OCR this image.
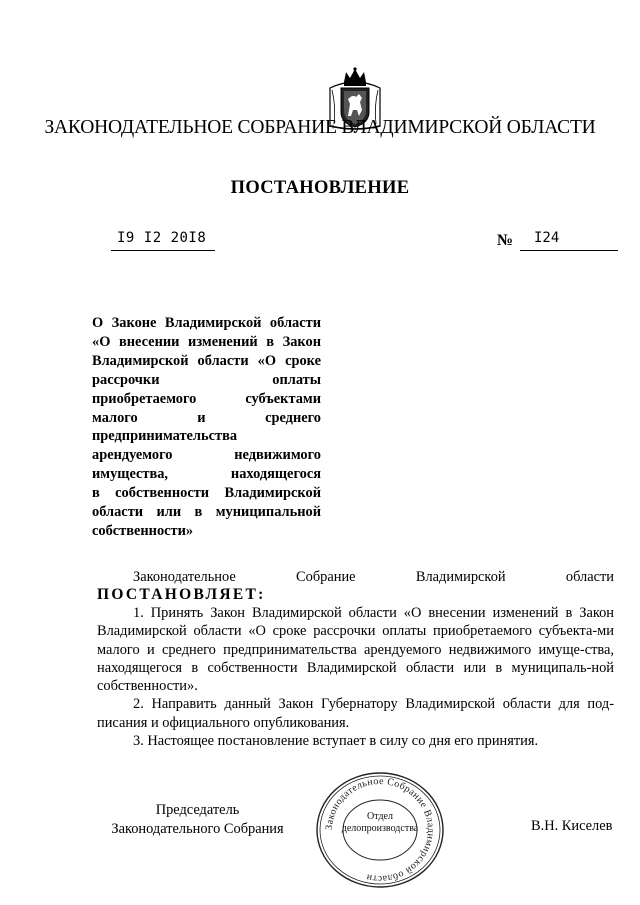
ЗАКОНОДАТЕЛЬНОЕ СОБРАНИЕ ВЛАДИМИРСКОЙ ОБЛАСТИ
ПОСТАНОВЛЕНИЕ
I9 I2 20I8	№ I24
О Законе Владимирской области
«О внесении изменений в Закон
Владимирской области «О сроке
рассрочки оплаты
приобретаемого субъектами
малого и среднего
предпринимательства
арендуемого недвижимого
имущества, находящегося
в собственности Владимирской
области или в муниципальной
собственности»
Законодательное Собрание Владимирской области
ПОСТАНОВЛЯЕТ:

1. Принять Закон Владимирской области «О внесении изменений в Закон Владимирской области «О сроке рассрочки оплаты приобретаемого субъекта-ми малого и среднего предпринимательства арендуемого недвижимого имуще-ства, находящегося в собственности Владимирской области или в муниципаль-ной собственности».

2. Направить данный Закон Губернатору Владимирской области для под-писания и официального опубликования.

3. Настоящее постановление вступает в силу со дня его принятия.

Председатель
Законодательного Собрания	Законодательное Собрание Владимирской области
Отдел
делопроизводства	В.Н. Киселев
